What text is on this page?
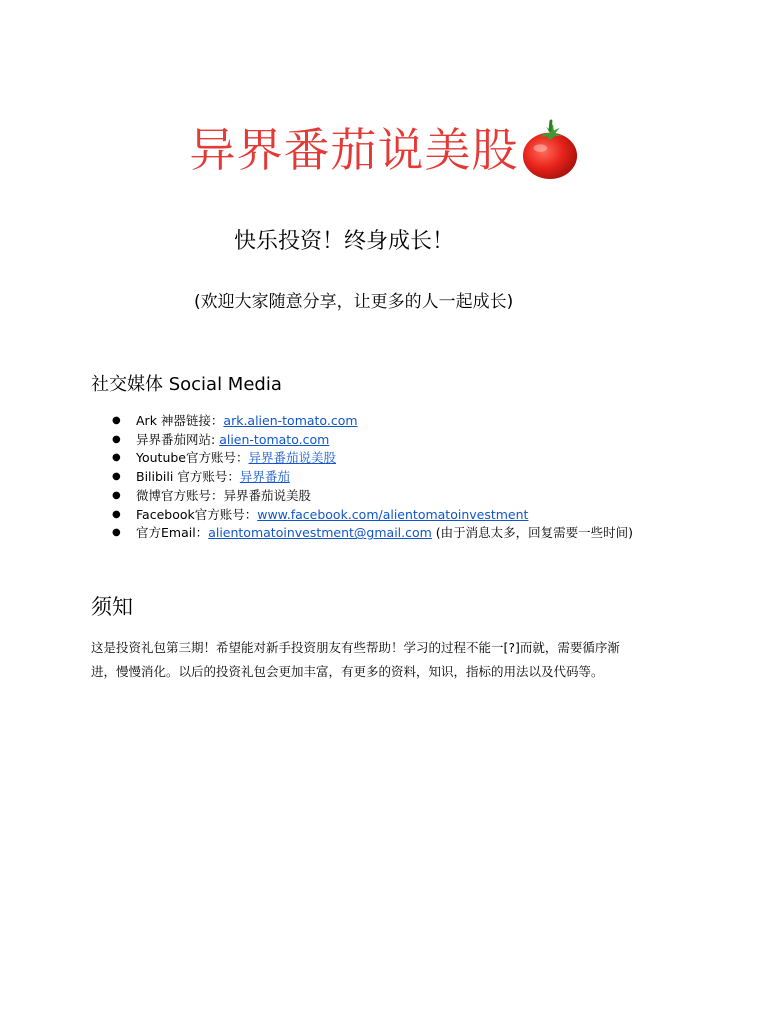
异界番茄说美股
快乐投资！终身成长！
(欢迎大家随意分享，让更多的人一起成长)
社交媒体 Social Media
● Ark 神器链接：ark.alien-tomato.com
● 异界番茄网站: alien-tomato.com
● Youtube官方账号：异界番茄说美股
● Bilibili 官方账号：异界番茄
● 微博官方账号：异界番茄说美股
● Facebook官方账号：www.facebook.com/alientomatoinvestment
● 官方Email：alientomatoinvestment@gmail.com (由于消息太多，回复需要一些时间)
须知
这是投资礼包第三期！希望能对新手投资朋友有些帮助！学习的过程不能一[?]而就，需要循序渐
进，慢慢消化。以后的投资礼包会更加丰富，有更多的资料，知识，指标的用法以及代码等。
